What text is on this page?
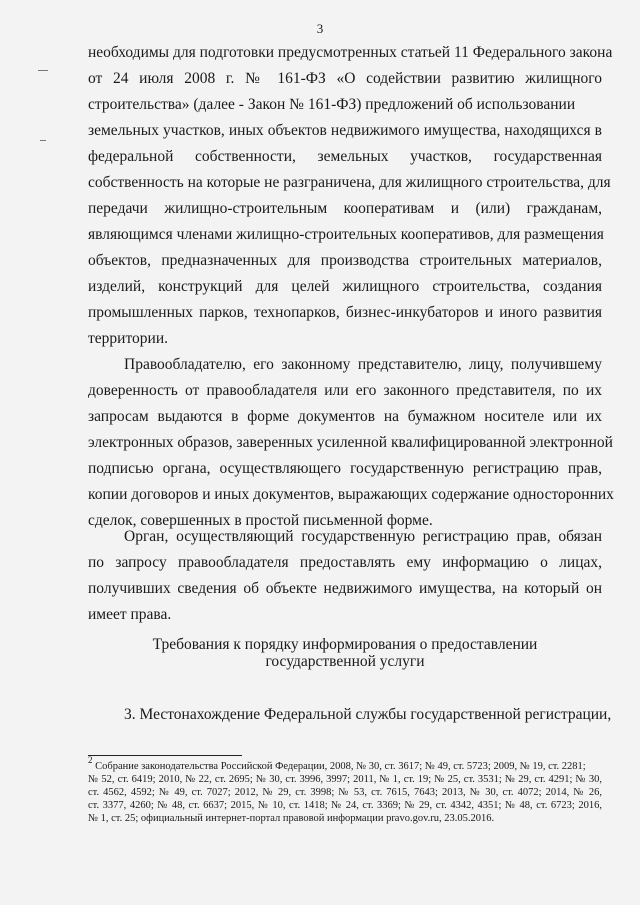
3
необходимы для подготовки предусмотренных статьей 11 Федерального закона
от 24 июля 2008 г. № 161-ФЗ «О содействии развитию жилищного
строительства» (далее - Закон № 161-ФЗ) предложений об использовании
земельных участков, иных объектов недвижимого имущества, находящихся в
федеральной собственности, земельных участков, государственная
собственность на которые не разграничена, для жилищного строительства, для
передачи жилищно-строительным кооперативам и (или) гражданам,
являющимся членами жилищно-строительных кооперативов, для размещения
объектов, предназначенных для производства строительных материалов,
изделий, конструкций для целей жилищного строительства, создания
промышленных парков, технопарков, бизнес-инкубаторов и иного развития
территории.
Правообладателю, его законному представителю, лицу, получившему
доверенность от правообладателя или его законного представителя, по их
запросам выдаются в форме документов на бумажном носителе или их
электронных образов, заверенных усиленной квалифицированной электронной
подписью органа, осуществляющего государственную регистрацию прав,
копии договоров и иных документов, выражающих содержание односторонних
сделок, совершенных в простой письменной форме.
Орган, осуществляющий государственную регистрацию прав, обязан
по запросу правообладателя предоставлять ему информацию о лицах,
получивших сведения об объекте недвижимого имущества, на который он
имеет права.
Требования к порядку информирования о предоставлении
государственной услуги
3. Местонахождение Федеральной службы государственной регистрации,
$^2$ Собрание законодательства Российской Федерации, 2008, № 30, ст. 3617; № 49, ст. 5723; 2009, № 19, ст. 2281;
№ 52, ст. 6419; 2010, № 22, ст. 2695; № 30, ст. 3996, 3997; 2011, № 1, ст. 19; № 25, ст. 3531; № 29, ст. 4291; № 30,
ст. 4562, 4592; № 49, ст. 7027; 2012, № 29, ст. 3998; № 53, ст. 7615, 7643; 2013, № 30, ст. 4072; 2014, № 26,
ст. 3377, 4260; № 48, ст. 6637; 2015, № 10, ст. 1418; № 24, ст. 3369; № 29, ст. 4342, 4351; № 48, ст. 6723; 2016,
№ 1, ст. 25; официальный интернет-портал правовой информации pravo.gov.ru, 23.05.2016.
